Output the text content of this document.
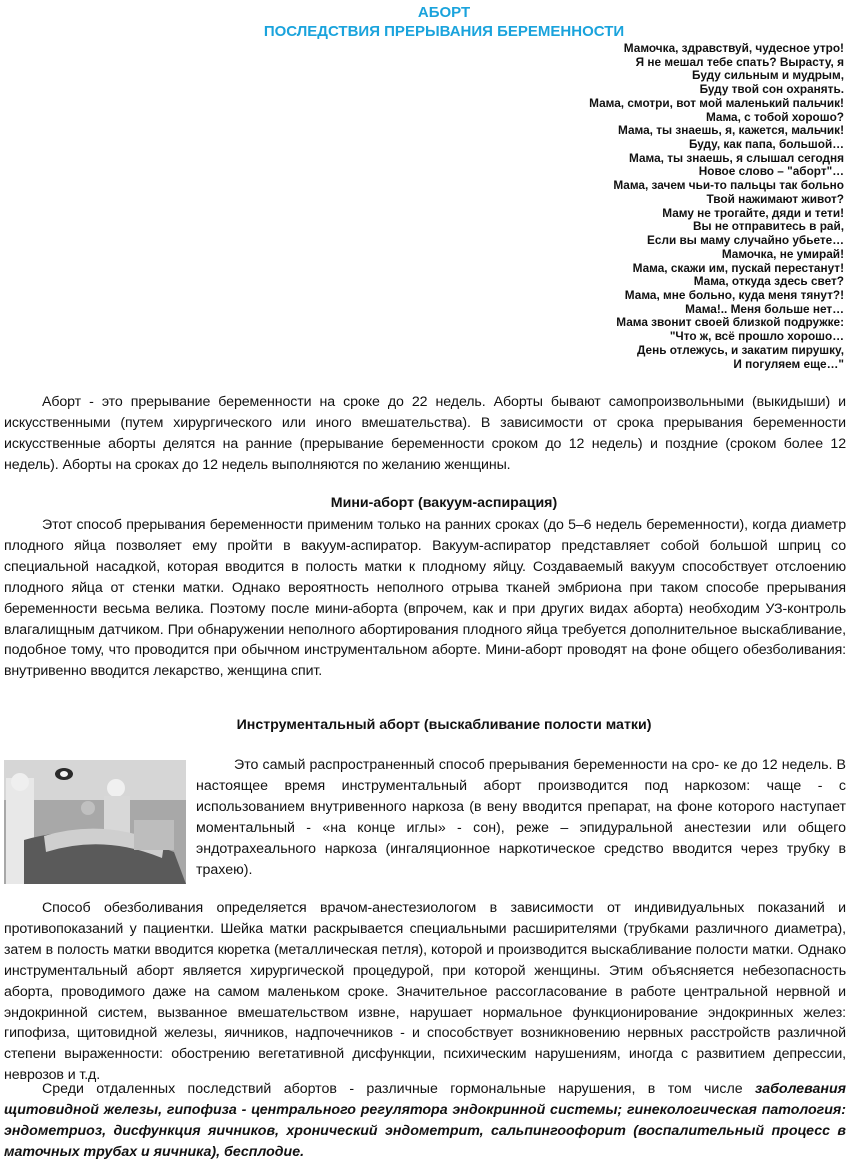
АБОРТ

ПОСЛЕДСТВИЯ ПРЕРЫВАНИЯ БЕРЕМЕННОСТИ

Мамочка, здравствуй, чудесное утро!
Я не мешал тебе спать? Вырасту, я
Буду сильным и мудрым,
Буду твой сон охранять.
Мама, смотри, вот мой маленький пальчик!
Мама, с тобой хорошо?
Мама, ты знаешь, я, кажется, мальчик!
Буду, как папа, большой…
Мама, ты знаешь, я слышал сегодня
Новое слово – "аборт"…
Мама, зачем чьи-то пальцы так больно
Твой нажимают живот?
Маму не трогайте, дяди и тети!
Вы не отправитесь в рай,
Если вы маму случайно убьете…
Мамочка, не умирай!
Мама, скажи им, пускай перестанут!
Мама, откуда здесь свет?
Мама, мне больно, куда меня тянут?!
Мама!.. Меня больше нет…
Мама звонит своей близкой подружке:
"Что ж, всё прошло хорошо…
День отлежусь, и закатим пирушку,
И погуляем еще…"

Аборт - это прерывание беременности на сроке до 22 недель. Аборты бывают самопроизвольными (выкидыши) и искусственными (путем хирургического или иного вмешательства). В зависимости от срока прерывания беременности искусственные аборты делятся на ранние (прерывание беременности сроком до 12 недель) и поздние (сроком более 12 недель). Аборты на сроках до 12 недель выполняются по желанию женщины.

Мини-аборт (вакуум-аспирация)

Этот способ прерывания беременности применим только на ранних сроках (до 5–6 недель беременности), когда диаметр плодного яйца позволяет ему пройти в вакуум-аспиратор. Вакуум-аспиратор представляет собой большой шприц со специальной насадкой, которая вводится в полость матки к плодному яйцу. Создаваемый вакуум способствует отслоению плодного яйца от стенки матки. Однако вероятность неполного отрыва тканей эмбриона при таком способе прерывания беременности весьма велика. Поэтому после мини-аборта (впрочем, как и при других видах аборта) необходим УЗ-контроль влагалищным датчиком. При обнаружении неполного абортирования плодного яйца требуется дополнительное выскабливание, подобное тому, что проводится при обычном инструментальном аборте. Мини-аборт проводят на фоне общего обезболивания: внутривенно вводится лекарство, женщина спит.

Инструментальный аборт (выскабливание полости матки)

Это самый распространенный способ прерывания беременности на сро- ке до 12 недель. В настоящее время инструментальный аборт производится под наркозом: чаще - с использованием внутривенного наркоза (в вену вводится препарат, на фоне которого наступает моментальный - «на конце иглы» - сон), реже – эпидуральной анестезии или общего эндотрахеального наркоза (ингаляционное наркотическое средство вводится через трубку в трахею).

Способ обезболивания определяется врачом-анестезиологом в зависимости от индивидуальных показаний и противопоказаний у пациентки. Шейка матки раскрывается специальными расширителями (трубками различного диаметра), затем в полость матки вводится кюретка (металлическая петля), которой и производится выскабливание полости матки. Однако инструментальный аборт является хирургической процедурой, при которой женщины. Этим объясняется небезопасность аборта, проводимого даже на самом маленьком сроке. Значительное рассогласование в работе центральной нервной и эндокринной систем, вызванное вмешательством извне, нарушает нормальное функционирование эндокринных желез: гипофиза, щитовидной железы, яичников, надпочечников - и способствует возникновению нервных расстройств различной степени выраженности: обострению вегетативной дисфункции, психическим нарушениям, иногда с развитием депрессии, неврозов и т.д.

Среди отдаленных последствий абортов - различные гормональные нарушения, в том числе заболевания щитовидной железы, гипофиза - центрального регулятора эндокринной системы; гинекологическая патология: эндометриоз, дисфункция яичников, хронический эндометрит, сальпингоофорит (воспалительный процесс в маточных трубах и яичника), бесплодие.
